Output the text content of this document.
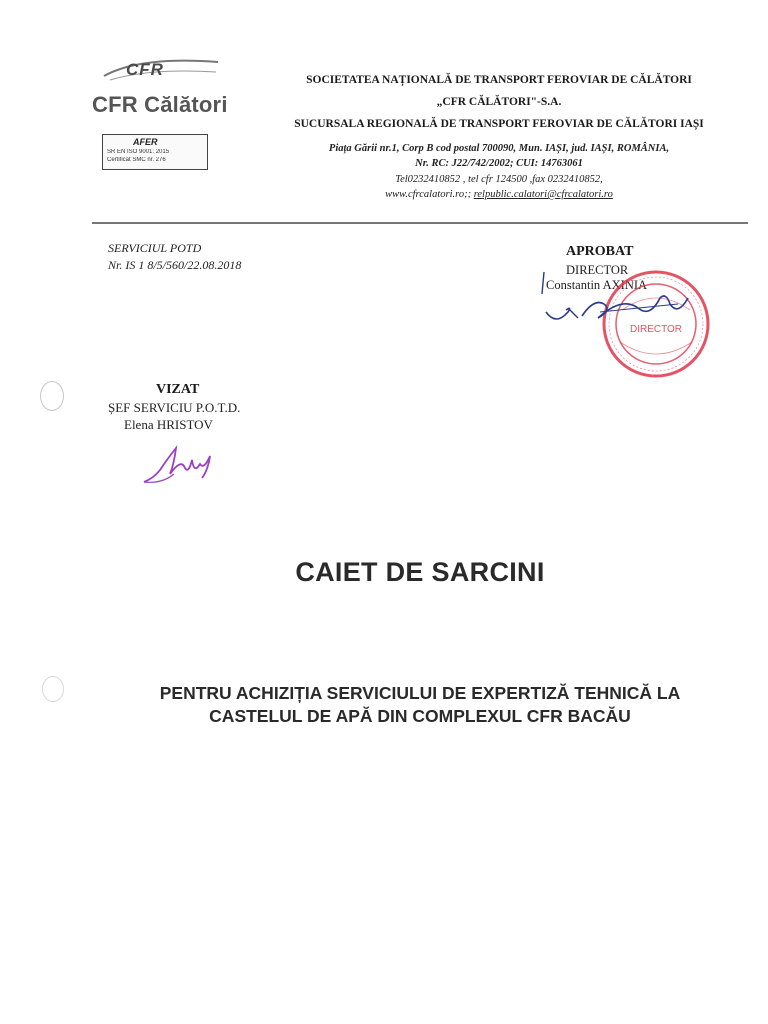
CFR
CFR Călători
AFER
SR EN ISO 9001: 2015
Certificat SMC nr. 276
SOCIETATEA NAȚIONALĂ DE TRANSPORT FEROVIAR DE CĂLĂTORI
„CFR CĂLĂTORI"-S.A.
SUCURSALA REGIONALĂ DE TRANSPORT FEROVIAR DE CĂLĂTORI IAȘI
Piața Gării nr.1, Corp B cod postal 700090, Mun. IAȘI, jud. IAȘI, ROMÂNIA,
Nr. RC: J22/742/2002; CUI: 14763061
Tel0232410852 , tel cfr 124500 ,fax 0232410852,
www.cfrcalatori.ro;; relpublic.calatori@cfrcalatori.ro
SERVICIUL POTD
Nr. IS 1 8/5/560/22.08.2018
APROBAT
DIRECTOR
Constantin AXINIA
DIRECTOR
VIZAT
ȘEF SERVICIU P.O.T.D.
Elena HRISTOV
CAIET DE SARCINI
PENTRU ACHIZIȚIA SERVICIULUI DE EXPERTIZĂ TEHNICĂ LA
CASTELUL DE APĂ DIN COMPLEXUL CFR BACĂU
